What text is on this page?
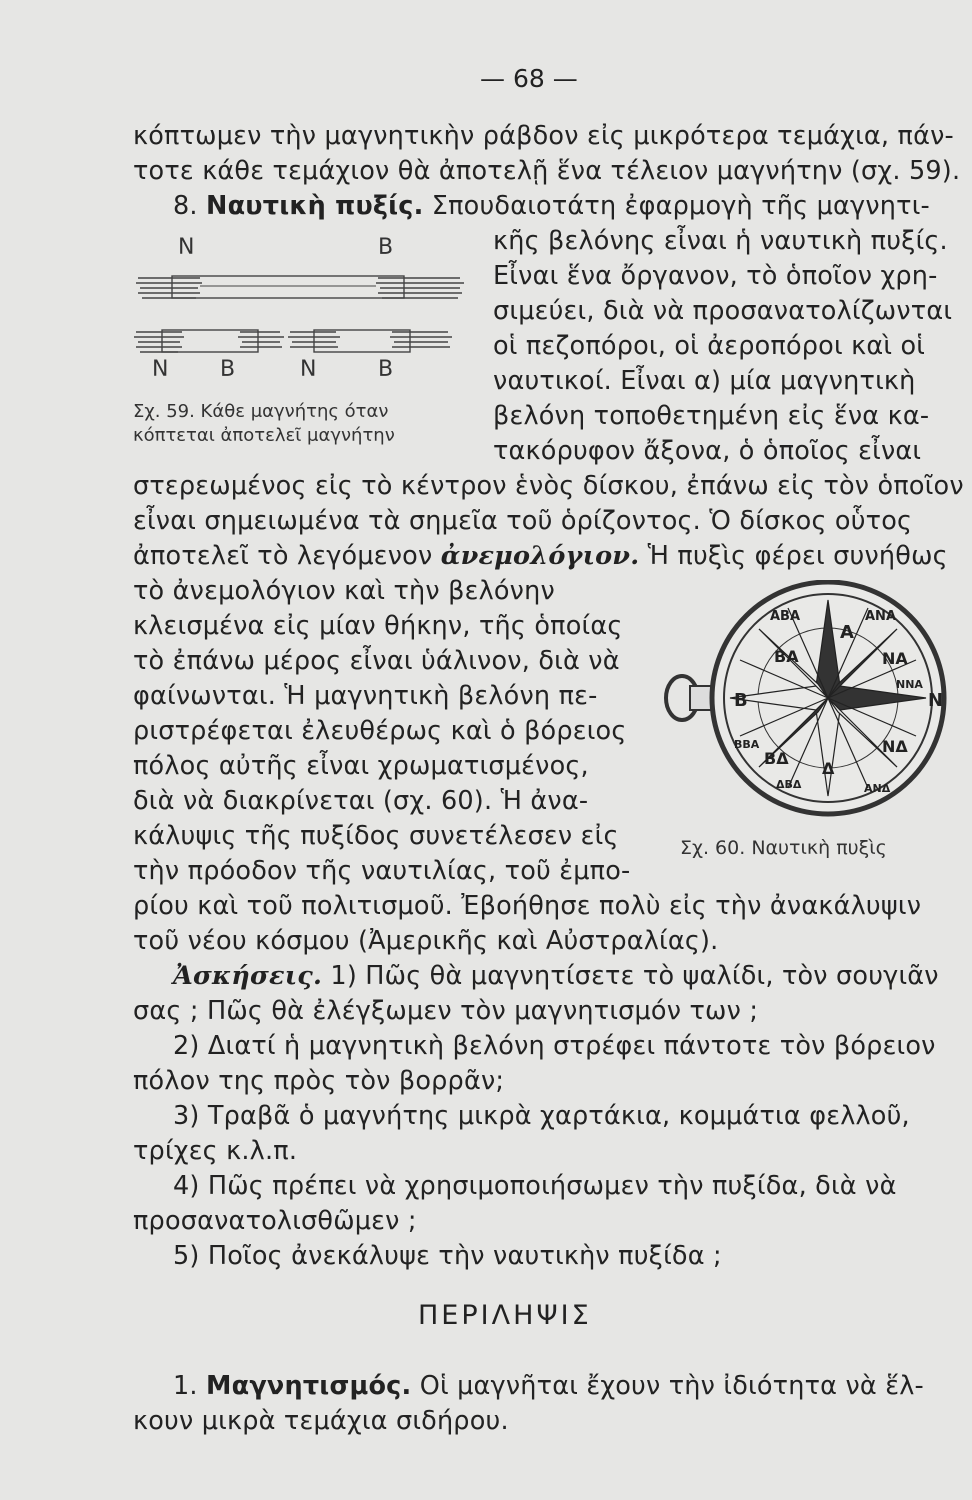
— 68 —
κόπτωμεν τὴν μαγνητικὴν ράβδον εἰς μικρότερα τεμάχια, πάν-
τοτε κάθε τεμάχιον θὰ ἀποτελῇ ἕνα τέλειον μαγνήτην (σχ. 59).
8. Ναυτικὴ πυξίς. Σπουδαιοτάτη ἐφαρμογὴ τῆς μαγνητι-
Ν	Β
Ν Β	Ν	Β
κῆς βελόνης εἶναι ἡ ναυτικὴ πυξίς.
Εἶναι ἕνα ὄργανον, τὸ ὁποῖον χρη-
σιμεύει, διὰ νὰ προσανατολίζωνται
οἱ πεζοπόροι, οἱ ἀεροπόροι καὶ οἱ
ναυτικοί. Εἶναι α) μία μαγνητικὴ
Σχ. 59. Κάθε μαγνήτης όταν
κόπτεται ἀποτελεῖ μαγνήτην
βελόνη τοποθετημένη εἰς ἕνα κα-
τακόρυφον ἄξονα, ὁ ὁποῖος εἶναι
στερεωμένος εἰς τὸ κέντρον ἑνὸς δίσκου, ἐπάνω εἰς τὸν ὁποῖον
εἶναι σημειωμένα τὰ σημεῖα τοῦ ὁρίζοντος. Ὁ δίσκος οὗτος
ἀποτελεῖ τὸ λεγόμενον ἀνεμολόγιον. Ἡ πυξὶς φέρει συνήθως
τὸ ἀνεμολόγιον καὶ τὴν βελόνην
κλεισμένα εἰς μίαν θήκην, τῆς ὁποίας
τὸ ἐπάνω μέρος εἶναι ὑάλινον, διὰ νὰ
φαίνωνται. Ἡ μαγνητικὴ βελόνη πε-
ριστρέφεται ἐλευθέρως καὶ ὁ βόρειος
πόλος αὐτῆς εἶναι χρωματισμένος,
διὰ νὰ διακρίνεται (σχ. 60). Ἡ ἀνα-
κάλυψις τῆς πυξίδος συνετέλεσεν εἰς
τὴν πρόοδον τῆς ναυτιλίας, τοῦ ἐμπο-
Α
ΒΑ
ΑΒΑ	ΑΝΑ
ΝΑ
ΝΝΑ
Ν
Β
ΒΒΑ
ΒΔ
ΔΒΔ
Δ
ΝΔ
ΑΝΔ
Σχ. 60. Ναυτικὴ πυξὶς
ρίου καὶ τοῦ πολιτισμοῦ. Ἐβοήθησε πολὺ εἰς τὴν ἀνακάλυψιν
τοῦ νέου κόσμου (Ἀμερικῆς καὶ Αὐστραλίας).
Ἀσκήσεις. 1) Πῶς θὰ μαγνητίσετε τὸ ψαλίδι, τὸν σουγιᾶν
σας ; Πῶς θὰ ἐλέγξωμεν τὸν μαγνητισμόν των ;
2) Διατί ἡ μαγνητικὴ βελόνη στρέφει πάντοτε τὸν βόρειον
πόλον της πρὸς τὸν βορρᾶν;
3) Τραβᾶ ὁ μαγνήτης μικρὰ χαρτάκια, κομμάτια φελλοῦ,
τρίχες κ.λ.π.
4) Πῶς πρέπει νὰ χρησιμοποιήσωμεν τὴν πυξίδα, διὰ νὰ
προσανατολισθῶμεν ;
5) Ποῖος ἀνεκάλυψε τὴν ναυτικὴν πυξίδα ;
ΠΕΡΙΛΗΨΙΣ
1. Μαγνητισμός. Οἱ μαγνῆται ἔχουν τὴν ἰδιότητα νὰ ἕλ-
κουν μικρὰ τεμάχια σιδήρου.
